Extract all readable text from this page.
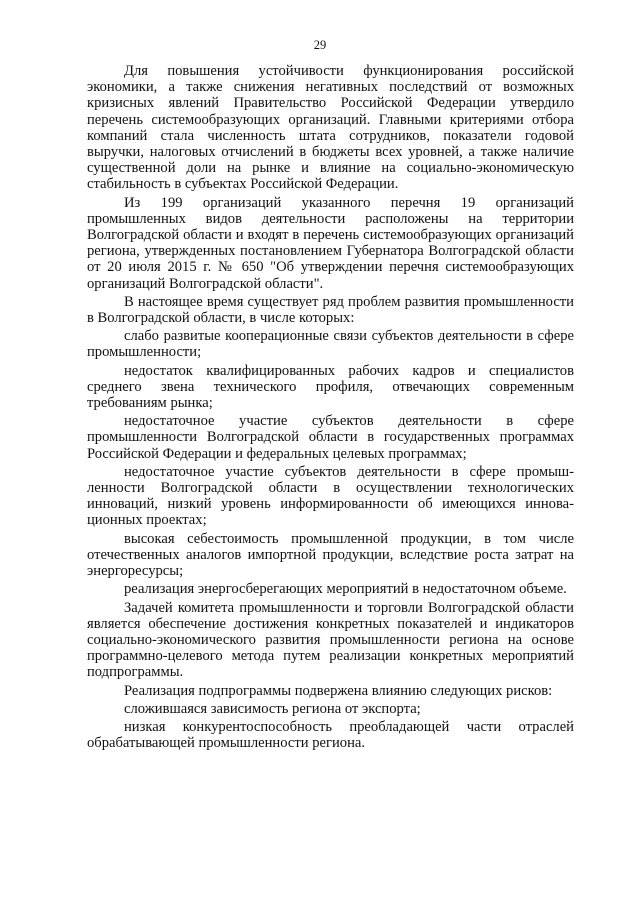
29

Для повышения устойчивости функционирования российской экономики, а также снижения негативных последствий от возможных кризисных явлений Правительство Российской Федерации утвердило перечень системообразующих организаций. Главными критериями отбора компаний стала численность штата сотрудников, показатели годовой выручки, налоговых отчислений в бюджеты всех уровней, а также наличие существенной доли на рынке и влияние на социально-экономическую стабильность в субъектах Российской Федерации.

Из 199 организаций указанного перечня 19 организаций промышленных видов деятельности расположены на территории Волгоградской области и входят в перечень системообразующих организаций региона, утвержденных постановлением Губернатора Волгоградской области от 20 июля 2015 г. № 650 "Об утверждении перечня системообразующих организаций Волгоградской области".

В настоящее время существует ряд проблем развития промышленности в Волгоградской области, в числе которых:

слабо развитые кооперационные связи субъектов деятельности в сфере промышленности;

недостаток квалифицированных рабочих кадров и специалистов среднего звена технического профиля, отвечающих современным требованиям рынка;

недостаточное участие субъектов деятельности в сфере промышленности Волгоградской области в государственных программах Российской Федерации и федеральных целевых программах;

недостаточное участие субъектов деятельности в сфере промышленности Волгоградской области в осуществлении технологических инноваций, низкий уровень информированности об имеющихся инновационных проектах;

высокая себестоимость промышленной продукции, в том числе отечественных аналогов импортной продукции, вследствие роста затрат на энергоресурсы;

реализация энергосберегающих мероприятий в недостаточном объеме.

Задачей комитета промышленности и торговли Волгоградской области является обеспечение достижения конкретных показателей и индикаторов социально-экономического развития промышленности региона на основе программно-целевого метода путем реализации конкретных мероприятий подпрограммы.

Реализация подпрограммы подвержена влиянию следующих рисков:

сложившаяся зависимость региона от экспорта;

низкая конкурентоспособность преобладающей части отраслей обрабатывающей промышленности региона.
